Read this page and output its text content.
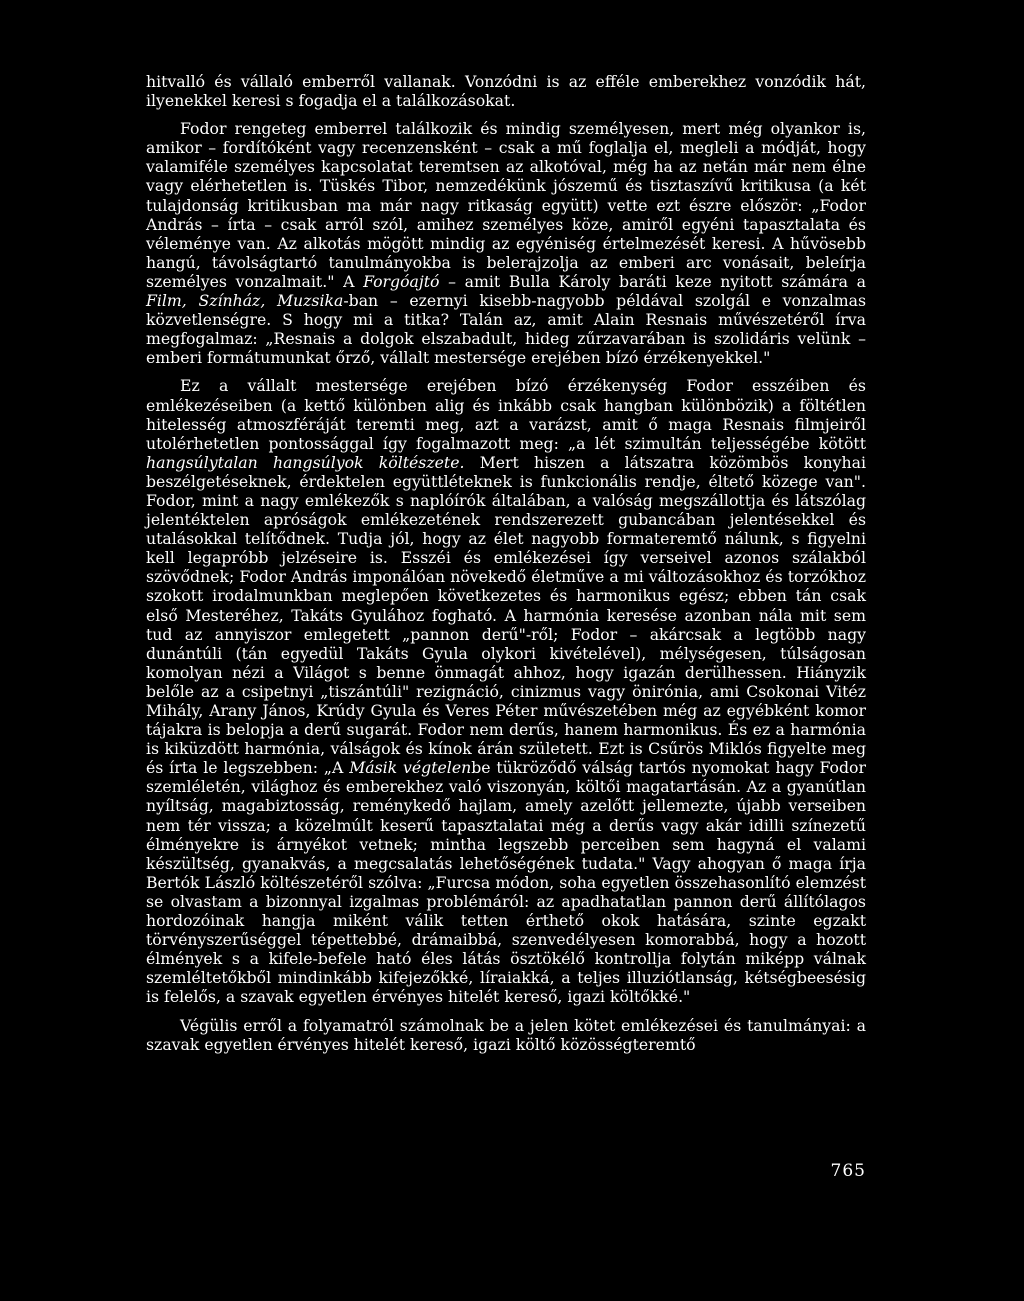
hitvalló és vállaló emberről vallanak. Vonzódni is az efféle emberekhez vonzódik hát, ilyenekkel keresi s fogadja el a találkozásokat.

Fodor rengeteg emberrel találkozik és mindig személyesen, mert még olyankor is, amikor – fordítóként vagy recenzensként – csak a mű foglalja el, megleli a módját, hogy valamiféle személyes kapcsolatat teremtsen az alkotóval, még ha az netán már nem élne vagy elérhetetlen is. Tüskés Tibor, nemzedékünk jószemű és tisztaszívű kritikusa (a két tulajdonság kritikusban ma már nagy ritkaság együtt) vette ezt észre először: „Fodor András – írta – csak arról szól, amihez személyes köze, amiről egyéni tapasztalata és véleménye van. Az alkotás mögött mindig az egyéniség értelmezését keresi. A hűvösebb hangú, távolságtartó tanulmányokba is belerajzolja az emberi arc vonásait, beleírja személyes vonzalmait." A Forgóajtó – amit Bulla Károly baráti keze nyitott számára a Film, Színház, Muzsika-ban – ezernyi kisebb-nagyobb példával szolgál e vonzalmas közvetlenségre. S hogy mi a titka? Talán az, amit Alain Resnais művészetéről írva megfogalmaz: „Resnais a dolgok elszabadult, hideg zűrzavarában is szolidáris velünk – emberi formátumunkat őrző, vállalt mestersége erejében bízó érzékenyekkel."

Ez a vállalt mestersége erejében bízó érzékenység Fodor esszéiben és emlékezéseiben (a kettő különben alig és inkább csak hangban különbözik) a föltétlen hitelesség atmoszféráját teremti meg, azt a varázst, amit ő maga Resnais filmjeiről utolérhetetlen pontossággal így fogalmazott meg: „a lét szimultán teljességébe kötött hangsúlytalan hangsúlyok költészete. Mert hiszen a látszatra közömbös konyhai beszélgetéseknek, érdektelen együttléteknek is funkcionális rendje, éltető közege van". Fodor, mint a nagy emlékezők s naplóírók általában, a valóság megszállottja és látszólag jelentéktelen apróságok emlékezetének rendszerezett gubancában jelentésekkel és utalásokkal telítődnek. Tudja jól, hogy az élet nagyobb formateremtő nálunk, s figyelni kell legapróbb jelzéseire is. Esszéi és emlékezései így verseivel azonos szálakból szövődnek; Fodor András imponálóan növekedő életműve a mi változásokhoz és torzókhoz szokott irodalmunkban meglepően következetes és harmonikus egész; ebben tán csak első Mesteréhez, Takáts Gyulához fogható. A harmónia keresése azonban nála mit sem tud az annyiszor emlegetett „pannon derű"-ről; Fodor – akárcsak a legtöbb nagy dunántúli (tán egyedül Takáts Gyula olykori kivételével), mélységesen, túlságosan komolyan nézi a Világot s benne önmagát ahhoz, hogy igazán derülhessen. Hiányzik belőle az a csipetnyi „tiszántúli" rezignáció, cinizmus vagy önirónia, ami Csokonai Vitéz Mihály, Arany János, Krúdy Gyula és Veres Péter művészetében még az egyébként komor tájakra is belopja a derű sugarát. Fodor nem derűs, hanem harmonikus. És ez a harmónia is kiküzdött harmónia, válságok és kínok árán született. Ezt is Csűrös Miklós figyelte meg és írta le legszebben: „A Másik végtelenbe tükröződő válság tartós nyomokat hagy Fodor szemléletén, világhoz és emberekhez való viszonyán, költői magatartásán. Az a gyanútlan nyíltság, magabiztosság, reménykedő hajlam, amely azelőtt jellemezte, újabb verseiben nem tér vissza; a közelmúlt keserű tapasztalatai még a derűs vagy akár idilli színezetű élményekre is árnyékot vetnek; mintha legszebb perceiben sem hagyná el valami készültség, gyanakvás, a megcsalatás lehetőségének tudata." Vagy ahogyan ő maga írja Bertók László költészetéről szólva: „Furcsa módon, soha egyetlen összehasonlító elemzést se olvastam a bizonnyal izgalmas problémáról: az apadhatatlan pannon derű állítólagos hordozóinak hangja miként válik tetten érthető okok hatására, szinte egzakt törvényszerűséggel tépettebbé, drámaibbá, szenvedélyesen komorabbá, hogy a hozott élmények s a kifele-befele ható éles látás öszt​ökélő kontrollja folytán miképp válnak szemléltetőkből mindinkább kifejezőkké, líraiakká, a teljes illuziótlanság, kétségbeesésig is felelős, a szavak egyetlen érvényes hitelét kereső, igazi költőkké."

Végülis erről a folyamatról számolnak be a jelen kötet emlékezései és tanulmányai: a szavak egyetlen érvényes hitelét kereső, igazi költő közösségteremtő

765
